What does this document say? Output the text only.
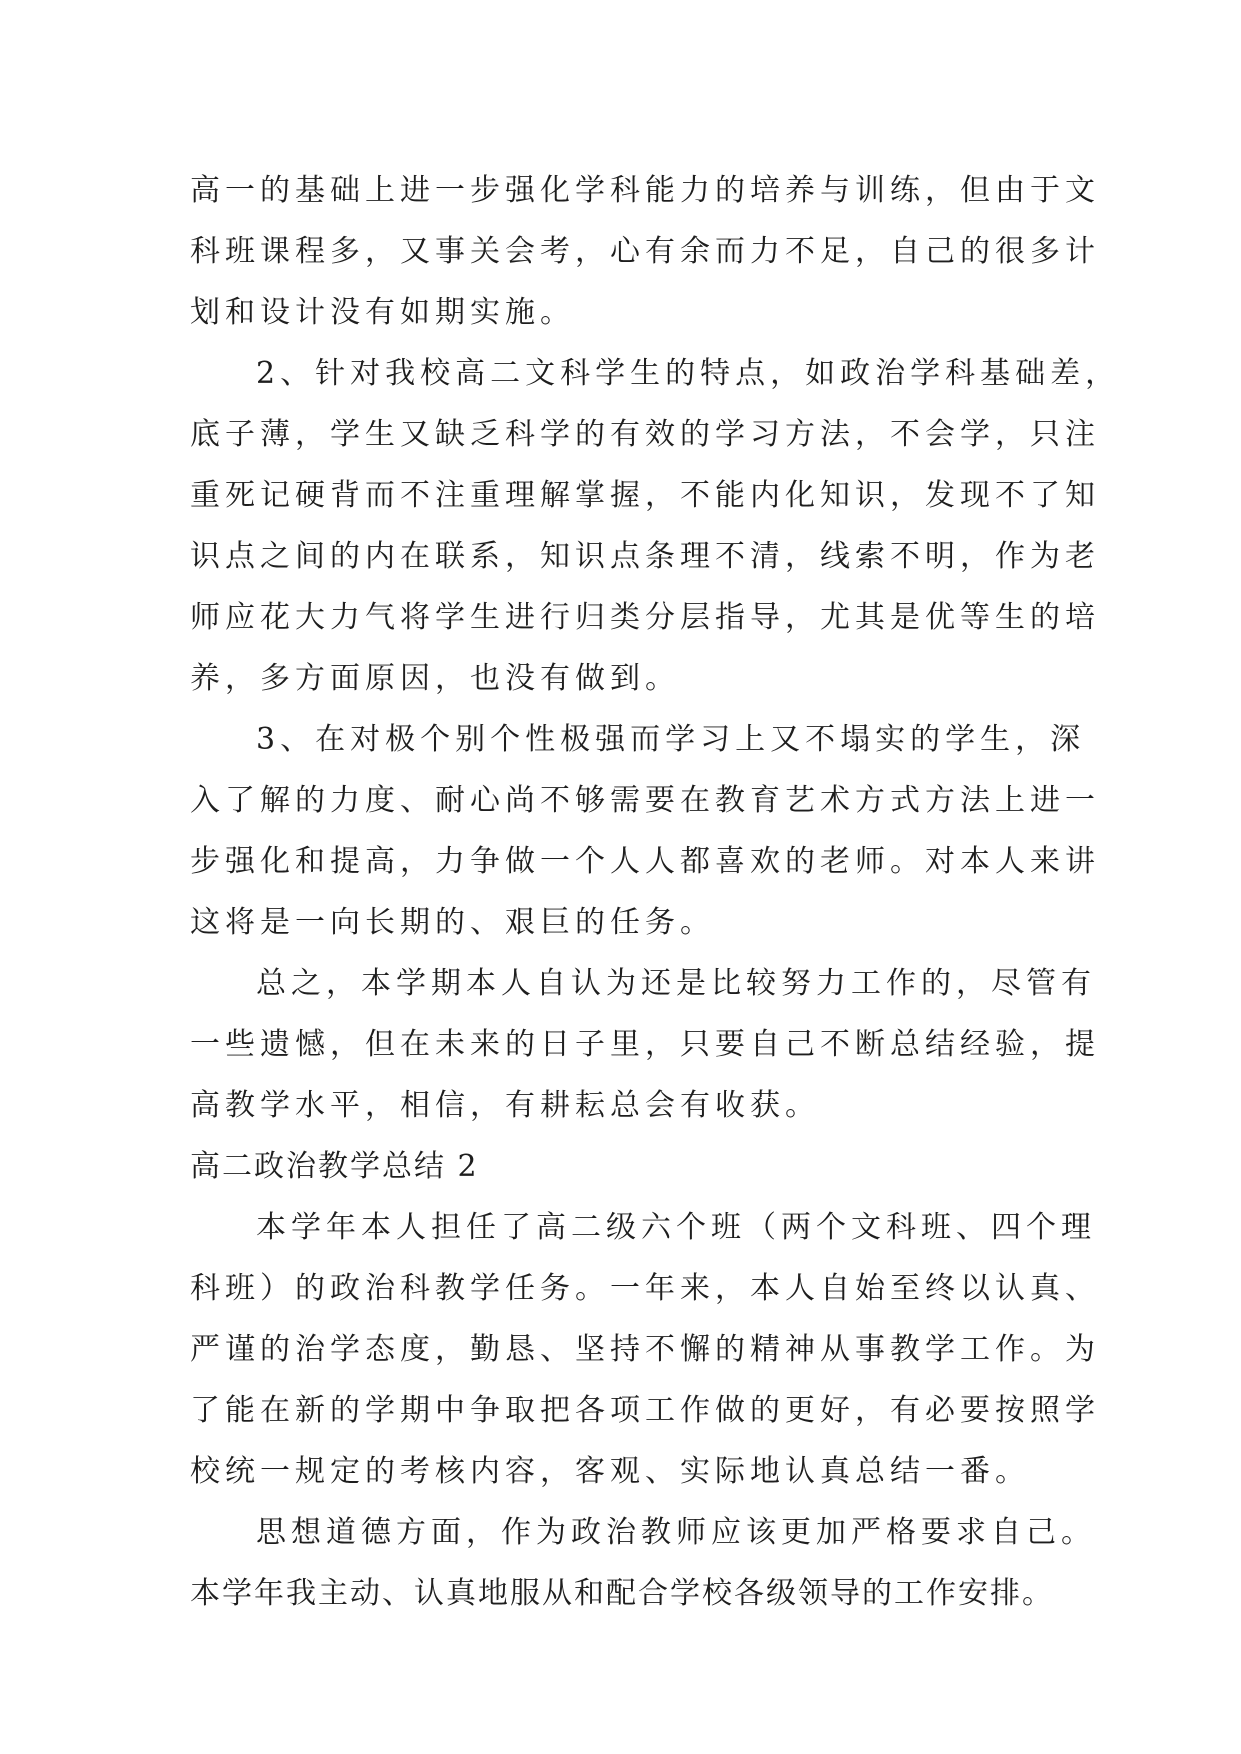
高一的基础上进一步强化学科能力的培养与训练，但由于文
科班课程多，又事关会考，心有余而力不足，自己的很多计
划和设计没有如期实施。
2、针对我校高二文科学生的特点，如政治学科基础差，
底子薄，学生又缺乏科学的有效的学习方法，不会学，只注
重死记硬背而不注重理解掌握，不能内化知识，发现不了知
识点之间的内在联系，知识点条理不清，线索不明，作为老
师应花大力气将学生进行归类分层指导，尤其是优等生的培
养，多方面原因，也没有做到。
3、在对极个别个性极强而学习上又不塌实的学生，深
入了解的力度、耐心尚不够需要在教育艺术方式方法上进一
步强化和提高，力争做一个人人都喜欢的老师。对本人来讲
这将是一向长期的、艰巨的任务。
总之，本学期本人自认为还是比较努力工作的，尽管有
一些遗憾，但在未来的日子里，只要自己不断总结经验，提
高教学水平，相信，有耕耘总会有收获。
高二政治教学总结 2
本学年本人担任了高二级六个班（两个文科班、四个理
科班）的政治科教学任务。一年来，本人自始至终以认真、
严谨的治学态度，勤恳、坚持不懈的精神从事教学工作。为
了能在新的学期中争取把各项工作做的更好，有必要按照学
校统一规定的考核内容，客观、实际地认真总结一番。
思想道德方面，作为政治教师应该更加严格要求自己。
本学年我主动、认真地服从和配合学校各级领导的工作安排。
